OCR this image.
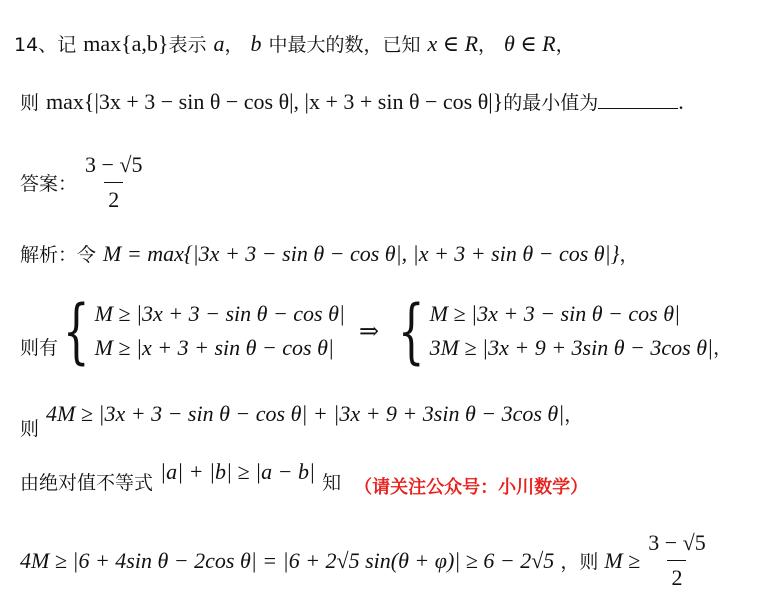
14、记 max{a,b}表示 a， b 中最大的数，已知 x ∈ R， θ ∈ R，
则 max{|3x + 3 − sin θ − cos θ|, |x + 3 + sin θ − cos θ|}的最小值为	.
答案： $\frac{3 - √5}{2}$
解析：令 M = max{|3x + 3 − sin θ − cos θ|, |x + 3 + sin θ − cos θ|}，
则有 { M ≥ |3x + 3 − sin θ − cos θ|
M ≥ |x + 3 + sin θ − cos θ|
⇒ { M ≥ |3x + 3 − sin θ − cos θ|
3M ≥ |3x + 9 + 3sin θ − 3cos θ| ，
则 4M ≥ |3x + 3 − sin θ − cos θ| + |3x + 9 + 3sin θ − 3cos θ|，
由绝对值不等式 |a| + |b| ≥ |a − b| 知 $_{(请关注公众号:小川数学)}$
4M ≥ |6 + 4sin θ − 2cos θ| = |6 + 2√5 sin(θ + φ)| ≥ 6 − 2√5 ，则 $M \ge \frac{3 - √5}{2}$
